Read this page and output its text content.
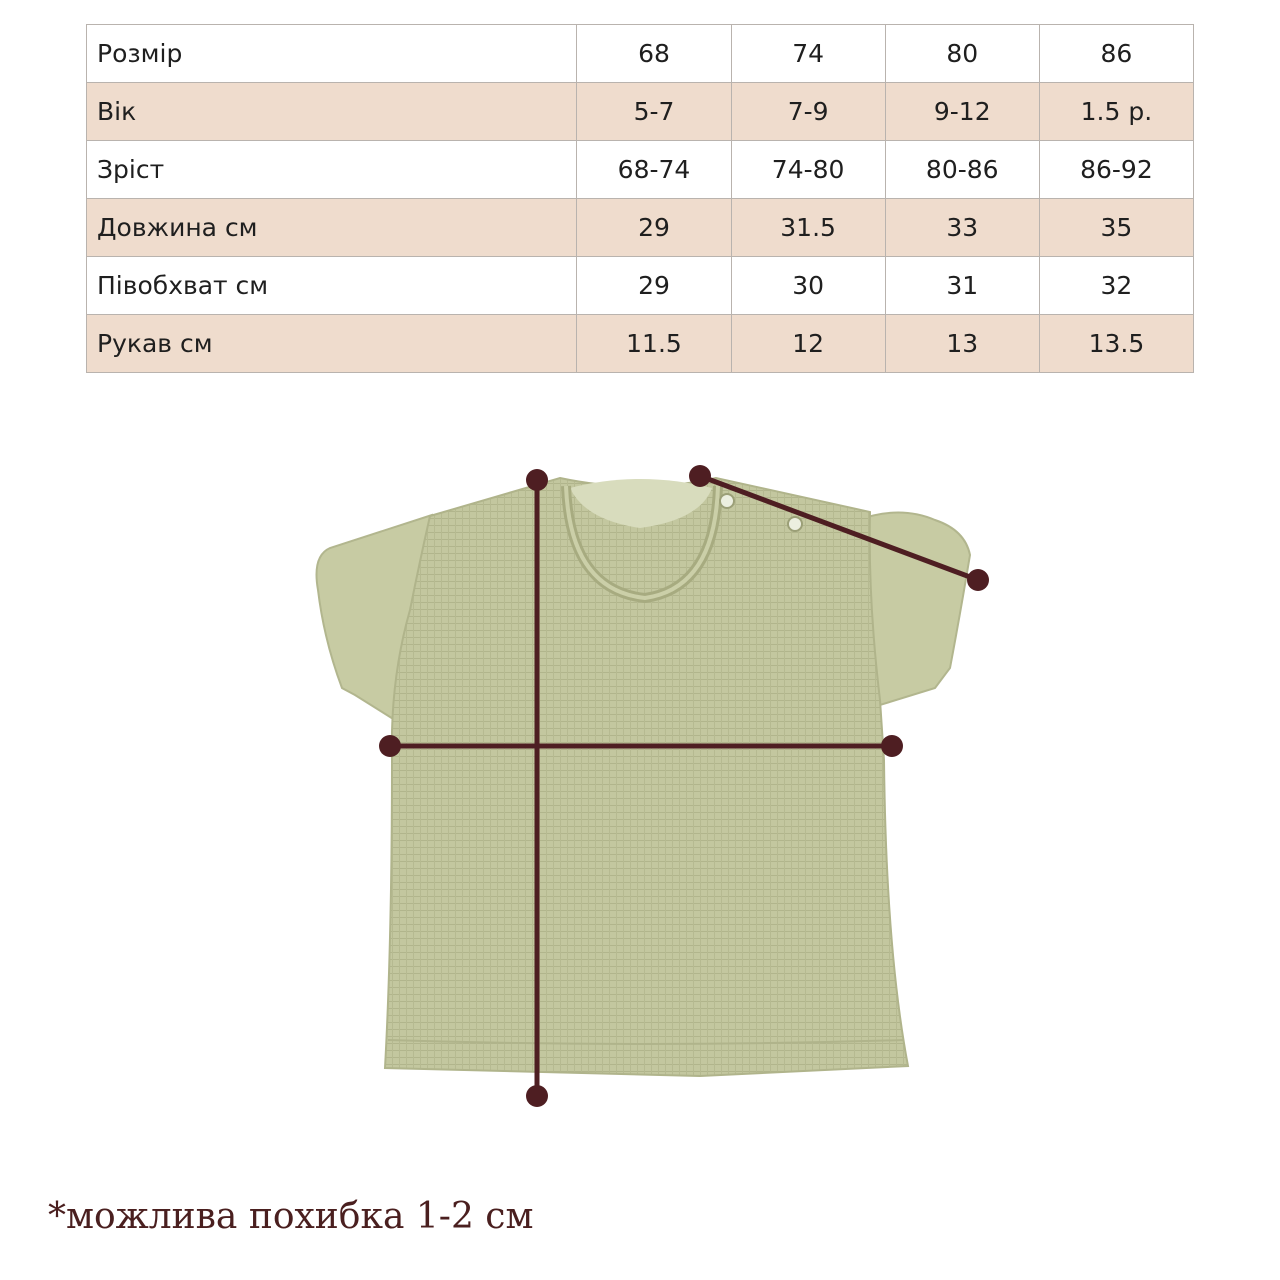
Розмір	68	74	80	86
Вік	5-7	7-9	9-12	1.5 р.
Зріст	68-74	74-80	80-86	86-92
Довжина см	29	31.5	33	35
Півобхват см	29	30	31	32
Рукав см	11.5	12	13	13.5
*можлива похибка 1-2 см
